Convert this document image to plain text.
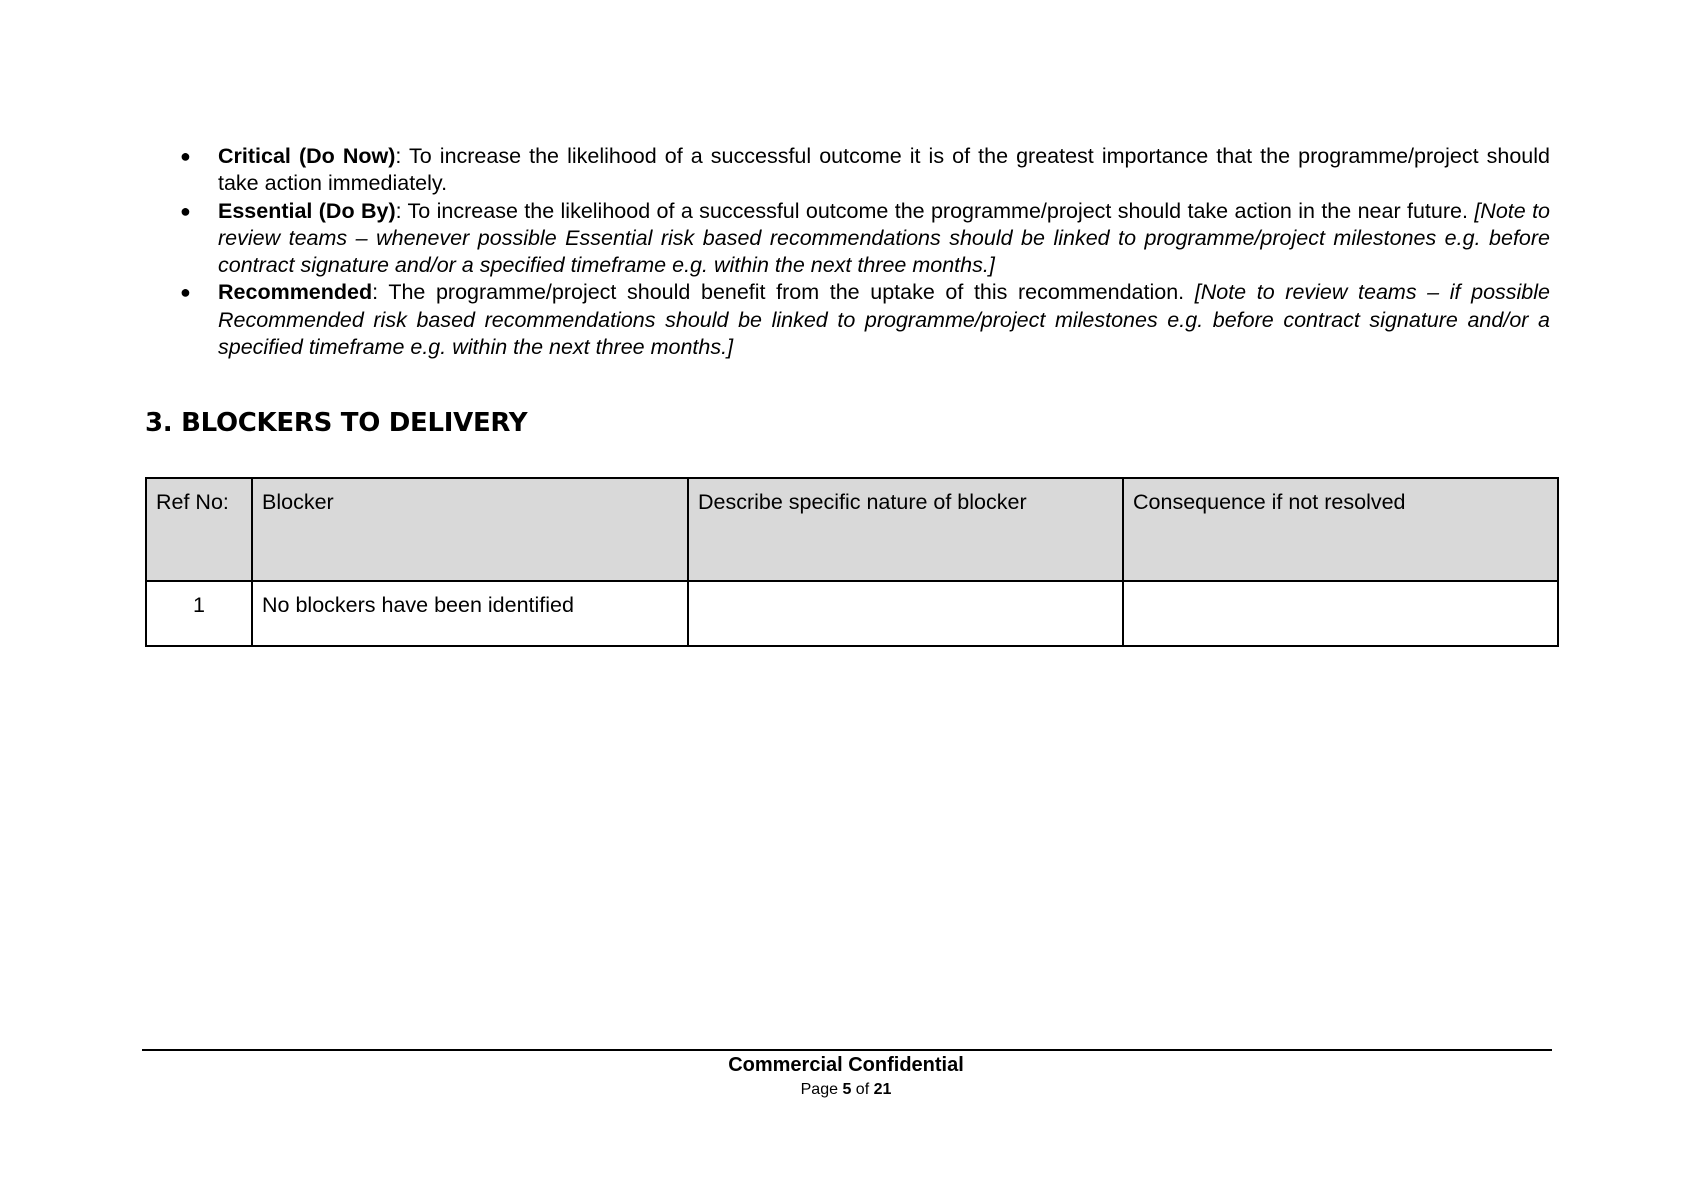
● Critical (Do Now): To increase the likelihood of a successful outcome it is of the greatest importance that the programme/project should take action immediately.
● Essential (Do By): To increase the likelihood of a successful outcome the programme/project should take action in the near future. [Note to review teams – whenever possible Essential risk based recommendations should be linked to programme/project milestones e.g. before contract signature and/or a specified timeframe e.g. within the next three months.]
● Recommended: The programme/project should benefit from the uptake of this recommendation. [Note to review teams – if possible Recommended risk based recommendations should be linked to programme/project milestones e.g. before contract signature and/or a specified timeframe e.g. within the next three months.]
3. BLOCKERS TO DELIVERY
Ref No:	Blocker	Describe specific nature of blocker	Consequence if not resolved
1	No blockers have been identified		
Commercial Confidential
Page 5 of 21
